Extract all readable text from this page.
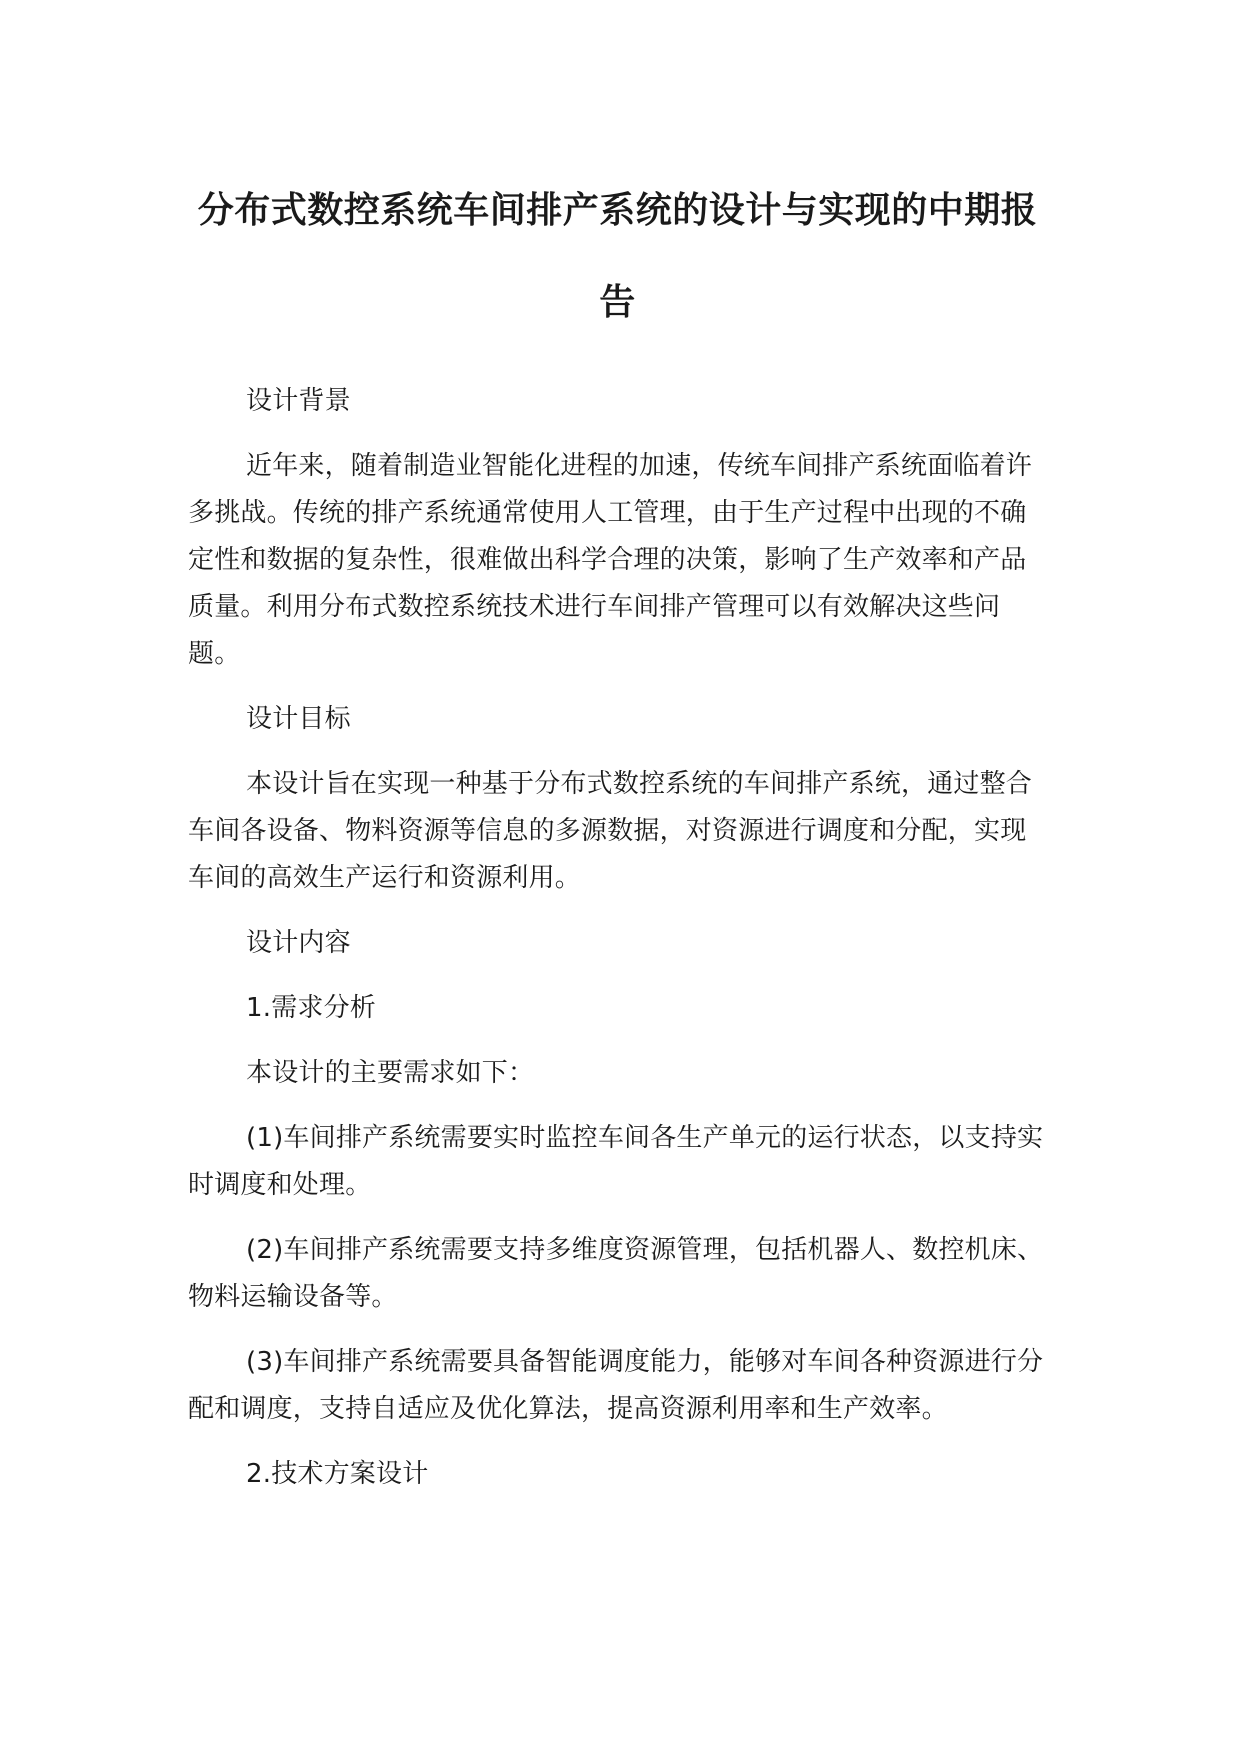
分布式数控系统车间排产系统的设计与实现的中期报告

设计背景

近年来，随着制造业智能化进程的加速，传统车间排产系统面临着许多挑战。传统的排产系统通常使用人工管理，由于生产过程中出现的不确定性和数据的复杂性，很难做出科学合理的决策，影响了生产效率和产品质量。利用分布式数控系统技术进行车间排产管理可以有效解决这些问题。

设计目标

本设计旨在实现一种基于分布式数控系统的车间排产系统，通过整合车间各设备、物料资源等信息的多源数据，对资源进行调度和分配，实现车间的高效生产运行和资源利用。

设计内容

1.需求分析

本设计的主要需求如下：

(1)车间排产系统需要实时监控车间各生产单元的运行状态，以支持实时调度和处理。

(2)车间排产系统需要支持多维度资源管理，包括机器人、数控机床、物料运输设备等。

(3)车间排产系统需要具备智能调度能力，能够对车间各种资源进行分配和调度，支持自适应及优化算法，提高资源利用率和生产效率。

2.技术方案设计
